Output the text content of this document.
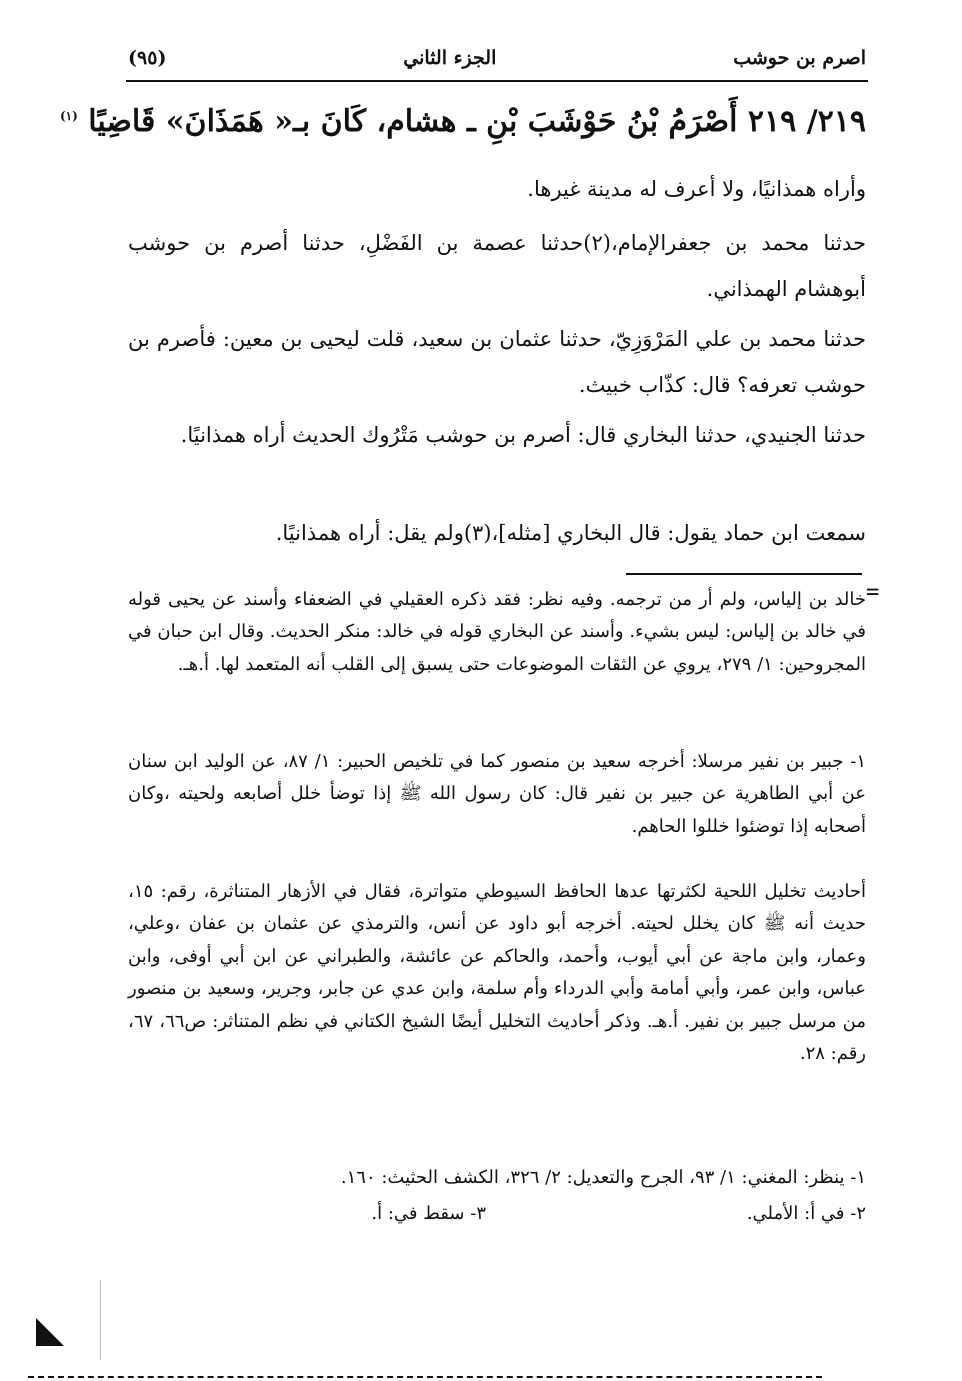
اصرم بن حوشب
الجزء الثاني
(٩٥)
٢١٩/ ٢١٩ أَصْرَمُ بْنُ حَوْشَبَ بْنِ ـ هشام، كَانَ بـ« هَمَذَانَ» قَاضِيًا $^{(١)}$
وأراه همذانيًا، ولا أعرف له مدينة غيرها.
حدثنا محمد بن جعفرالإمام،(٢)حدثنا عصمة بن الفَضْلِ، حدثنا أصرم بن حوشب أبوهشام الهمذاني.
حدثنا محمد بن علي المَرْوَزِيّ، حدثنا عثمان بن سعيد، قلت ليحيى بن معين: فأصرم بن حوشب تعرفه؟ قال: كذّاب خبيث.
حدثنا الجنيدي، حدثنا البخاري قال: أصرم بن حوشب مَتْرُوك الحديث أراه همذانيًا.
سمعت ابن حماد يقول: قال البخاري [مثله]،(٣)ولم يقل: أراه همذانيًا.
=
خالد بن إلياس، ولم أر من ترجمه. وفيه نظر: فقد ذكره العقيلي في الضعفاء وأسند عن يحيى قوله في خالد بن إلياس: ليس بشيء. وأسند عن البخاري قوله في خالد: منكر الحديث. وقال ابن حبان في المجروحين: ١/ ٢٧٩، يروي عن الثقات الموضوعات حتى يسبق إلى القلب أنه المتعمد لها. أ.هـ.
١- جبير بن نفير مرسلا: أخرجه سعيد بن منصور كما في تلخيص الحبير: ١/ ٨٧، عن الوليد ابن سنان عن أبي الطاهرية عن جبير بن نفير قال: كان رسول الله ﷺ إذا توضأ خلل أصابعه ولحيته ،وكان أصحابه إذا توضئوا خللوا الحاهم.
أحاديث تخليل اللحية لكثرتها عدها الحافظ السيوطي متواترة، فقال في الأزهار المتناثرة، رقم: ١٥، حديث أنه ﷺ كان يخلل لحيته. أخرجه أبو داود عن أنس، والترمذي عن عثمان بن عفان ،وعلي، وعمار، وابن ماجة عن أبي أيوب، وأحمد، والحاكم عن عائشة، والطبراني عن ابن أبي أوفى، وابن عباس، وابن عمر، وأبي أمامة وأبي الدرداء وأم سلمة، وابن عدي عن جابر، وجرير، وسعيد بن منصور من مرسل جبير بن نفير. أ.هـ. وذكر أحاديث التخليل أيضًا الشيخ الكتاني في نظم المتناثر: ص٦٦، ٦٧، رقم: ٢٨.
١- ينظر: المغني: ١/ ٩٣، الجرح والتعديل: ٢/ ٣٢٦، الكشف الحثيث: ١٦٠.
٢- في أ: الأملي.
٣- سقط في: أ.
